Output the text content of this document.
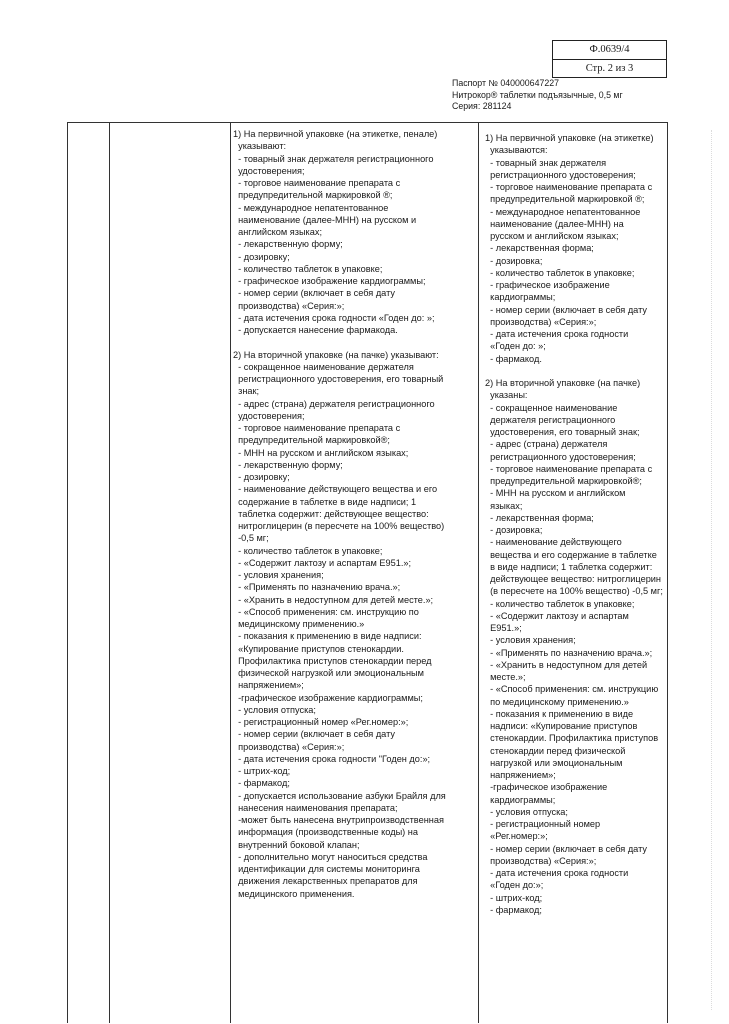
Ф.0639/4
Стр. 2 из 3
Паспорт № 040000647227
Нитрокор® таблетки подъязычные, 0,5 мг
Серия: 281124
1) На первичной упаковке (на этикетке, пенале)
указывают:
- товарный знак держателя регистрационного
удостоверения;
- торговое наименование препарата с
предупредительной маркировкой ®;
- международное непатентованное
наименование (далее-МНН) на русском и
английском языках;
- лекарственную форму;
- дозировку;
- количество таблеток в упаковке;
- графическое изображение кардиограммы;
- номер серии (включает в себя дату
производства) «Серия:»;
- дата истечения срока годности «Годен до: »;
- допускается нанесение фармакода.

2) На вторичной упаковке (на пачке) указывают:
- сокращенное наименование держателя
регистрационного удостоверения, его товарный
знак;
- адрес (страна) держателя регистрационного
удостоверения;
- торговое наименование препарата с
предупредительной маркировкой®;
- МНН на русском и английском языках;
- лекарственную форму;
- дозировку;
- наименование действующего вещества и его
содержание в таблетке в виде надписи; 1
таблетка содержит: действующее вещество:
нитроглицерин (в пересчете на 100% вещество)
-0,5 мг;
- количество таблеток в упаковке;
- «Содержит лактозу и аспартам Е951.»;
- условия хранения;
- «Применять по назначению врача.»;
- «Хранить в недоступном для детей месте.»;
- «Способ применения: см. инструкцию по
медицинскому применению.»
- показания к применению в виде надписи:
«Купирование приступов стенокардии.
Профилактика приступов стенокардии перед
физической нагрузкой или эмоциональным
напряжением»;
-графическое изображение кардиограммы;
- условия отпуска;
- регистрационный номер «Рег.номер:»;
- номер серии (включает в себя дату
производства) «Серия:»;
- дата истечения срока годности "Годен до:»;
- штрих-код;
- фармакод;
- допускается использование азбуки Брайля для
нанесения наименования препарата;
-может быть нанесена внутрипроизводственная
информация (производственные коды) на
внутренний боковой клапан;
- дополнительно могут наноситься средства
идентификации для системы мониторинга
движения лекарственных препаратов для
медицинского применения.
1) На первичной упаковке (на этикетке)
указываются:
- товарный знак держателя
регистрационного удостоверения;
- торговое наименование препарата с
предупредительной маркировкой ®;
- международное непатентованное
наименование (далее-МНН) на
русском и английском языках;
- лекарственная форма;
- дозировка;
- количество таблеток в упаковке;
- графическое изображение
кардиограммы;
- номер серии (включает в себя дату
производства) «Серия:»;
- дата истечения срока годности
«Годен до: »;
- фармакод.

2) На вторичной упаковке (на пачке)
указаны:
- сокращенное наименование
держателя регистрационного
удостоверения, его товарный знак;
- адрес (страна) держателя
регистрационного удостоверения;
- торговое наименование препарата с
предупредительной маркировкой®;
- МНН на русском и английском
языках;
- лекарственная форма;
- дозировка;
- наименование действующего
вещества и его содержание в таблетке
в виде надписи; 1 таблетка содержит:
действующее вещество: нитроглицерин
(в пересчете на 100% вещество) -0,5 мг;
- количество таблеток в упаковке;
- «Содержит лактозу и аспартам
Е951.»;
- условия хранения;
- «Применять по назначению врача.»;
- «Хранить в недоступном для детей
месте.»;
- «Способ применения: см. инструкцию
по медицинскому применению.»
- показания к применению в виде
надписи: «Купирование приступов
стенокардии. Профилактика приступов
стенокардии перед физической
нагрузкой или эмоциональным
напряжением»;
-графическое изображение
кардиограммы;
- условия отпуска;
- регистрационный номер
«Рег.номер:»;
- номер серии (включает в себя дату
производства) «Серия:»;
- дата истечения срока годности
«Годен до:»;
- штрих-код;
- фармакод;
